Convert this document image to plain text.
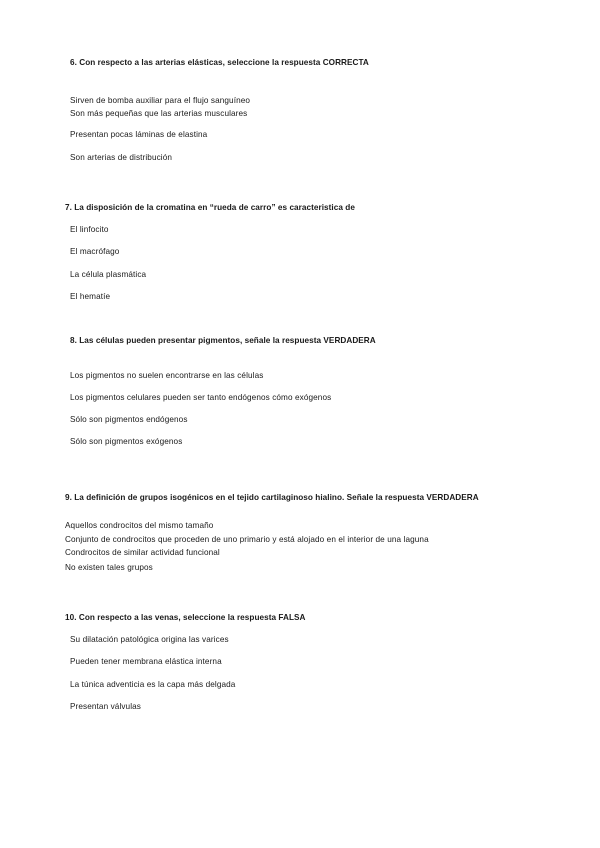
6. Con respecto a las arterias elásticas, seleccione la respuesta CORRECTA
Sirven de bomba auxiliar para el flujo sanguíneo
Son más pequeñas que las arterias musculares
Presentan pocas láminas de elastina
Son arterias de distribución
7. La disposición de la cromatina en “rueda de carro” es caracteristica de
El linfocito
El macrófago
La célula plasmática
El hematíe
8. Las células pueden presentar pigmentos, señale la respuesta VERDADERA
Los pigmentos no suelen encontrarse en las células
Los pigmentos celulares pueden ser tanto endógenos cómo exógenos
Sólo son pigmentos endógenos
Sólo son pigmentos exógenos
9. La definición de grupos isogénicos en el tejido cartilaginoso hialino. Señale la respuesta VERDADERA
Aquellos condrocitos del mismo tamaño
Conjunto de condrocitos que proceden de uno primario y está alojado en el interior de una laguna
Condrocitos de similar actividad funcional
No existen tales grupos
10. Con respecto a las venas, seleccione la respuesta FALSA
Su dilatación patológica origina las varices
Pueden tener membrana elástica interna
La túnica adventicia es la capa más delgada
Presentan válvulas
